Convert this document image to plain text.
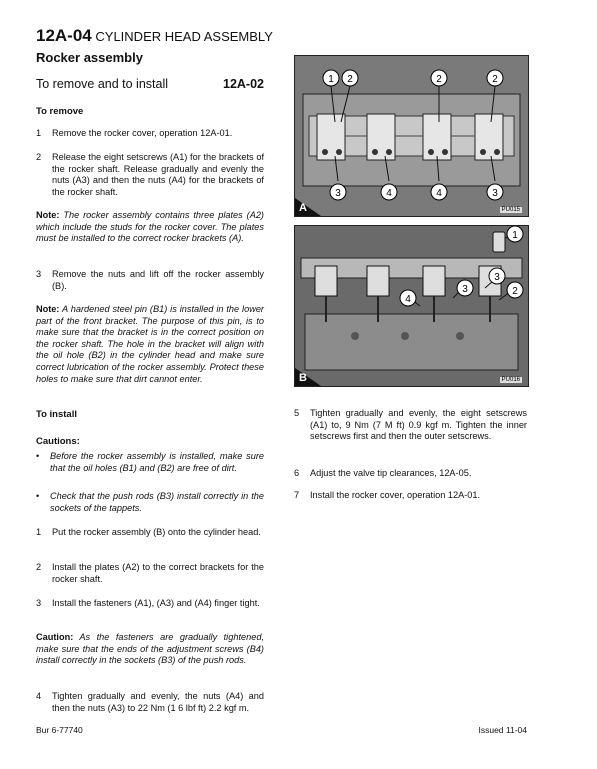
12A-04 CYLINDER HEAD ASSEMBLY
Rocker assembly
To remove and to install	12A-02
To remove
1 Remove the rocker cover, operation 12A-01.
2 Release the eight setscrews (A1) for the brackets of the rocker shaft. Release gradually and evenly the nuts (A3) and then the nuts (A4) for the brackets of the rocker shaft.
Note: The rocker assembly contains three plates (A2) which include the studs for the rocker cover. The plates must be installed to the correct rocker brackets (A).
3 Remove the nuts and lift off the rocker assembly (B).
Note: A hardened steel pin (B1) is installed in the lower part of the front bracket. The purpose of this pin, is to make sure that the bracket is in the correct position on the rocker shaft. The hole in the bracket will align with the oil hole (B2) in the cylinder head and make sure correct lubrication of the rocker assembly. Protect these holes to make sure that dirt cannot enter.
To install
Cautions:
• Before the rocker assembly is installed, make sure that the oil holes (B1) and (B2) are free of dirt.
• Check that the push rods (B3) install correctly in the sockets of the tappets.
1 Put the rocker assembly (B) onto the cylinder head.
2 Install the plates (A2) to the correct brackets for the rocker shaft.
3 Install the fasteners (A1), (A3) and (A4) finger tight.
Caution: As the fasteners are gradually tightened, make sure that the ends of the adjustment screws (B4) install correctly in the sockets (B3) of the push rods.
4 Tighten gradually and evenly, the nuts (A4) and then the nuts (A3) to 22 Nm (1 6 lbf ft) 2.2 kgf m.
1 2	2	2
3	4	4	3
A	PU015
1
2
3
3
4
B	PU016
5 Tighten gradually and evenly, the eight setscrews (A1) to, 9 Nm (7 M ft) 0.9 kgf m. Tighten the inner setscrews first and then the outer setscrews.
6 Adjust the valve tip clearances, 12A-05.
7 Install the rocker cover, operation 12A-01.
Bur 6-77740	Issued 11-04
